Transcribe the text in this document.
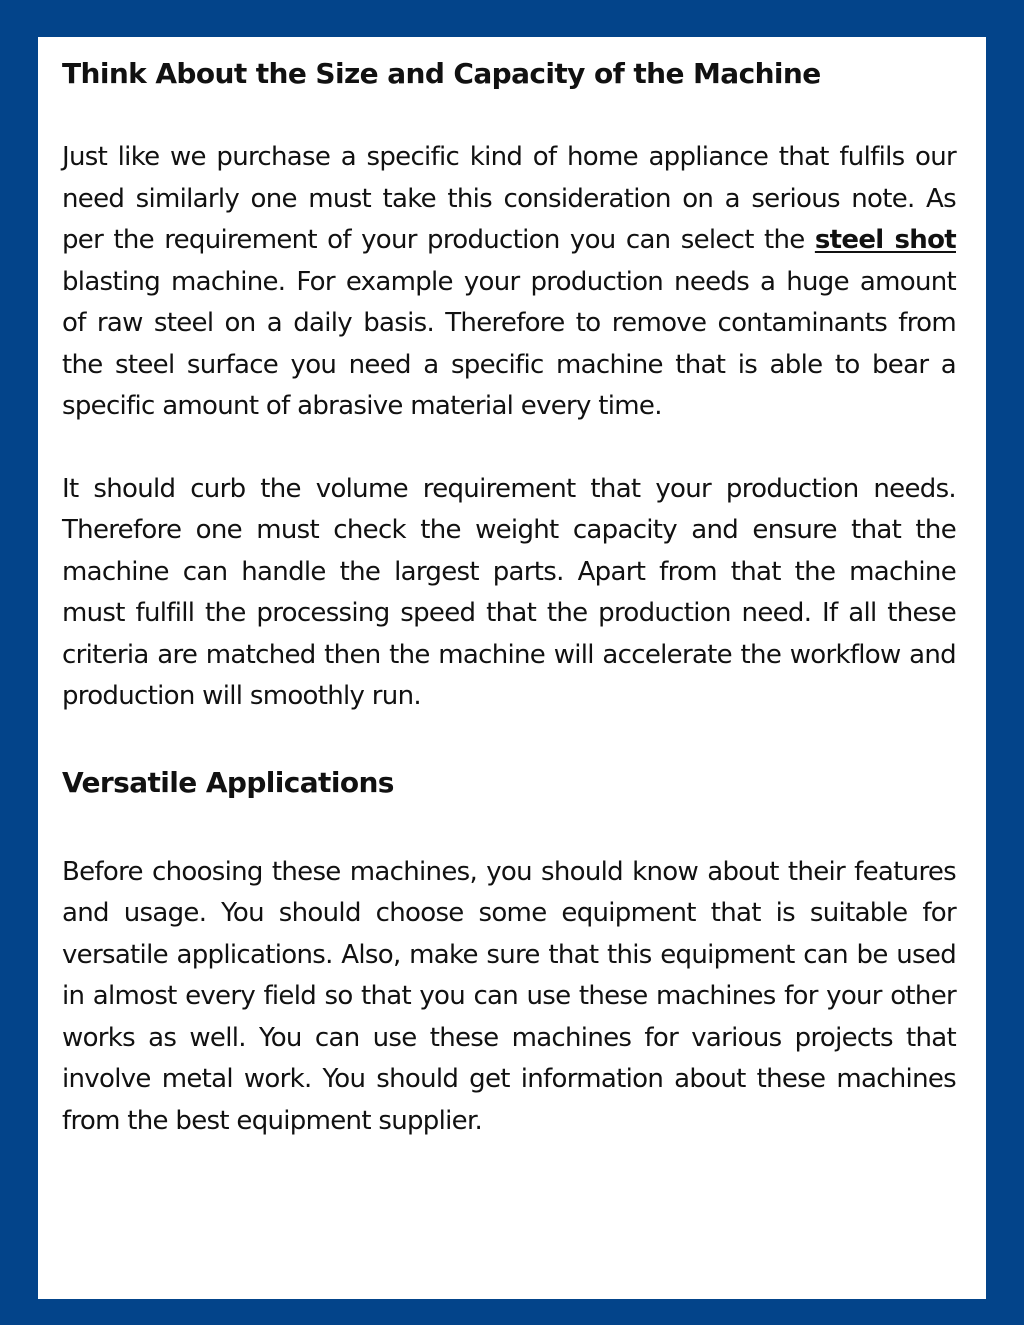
Think About the Size and Capacity of the Machine

Just like we purchase a specific kind of home appliance that fulfils our need similarly one must take this consideration on a serious note. As per the requirement of your production you can select the steel shot blasting machine. For example your production needs a huge amount of raw steel on a daily basis. Therefore to remove contaminants from the steel surface you need a specific machine that is able to bear a specific amount of abrasive material every time.

It should curb the volume requirement that your production needs. Therefore one must check the weight capacity and ensure that the machine can handle the largest parts. Apart from that the machine must fulfill the processing speed that the production need. If all these criteria are matched then the machine will accelerate the workflow and production will smoothly run.

Versatile Applications

Before choosing these machines, you should know about their features and usage. You should choose some equipment that is suitable for versatile applications. Also, make sure that this equipment can be used in almost every field so that you can use these machines for your other works as well. You can use these machines for various projects that involve metal work. You should get information about these machines from the best equipment supplier.
